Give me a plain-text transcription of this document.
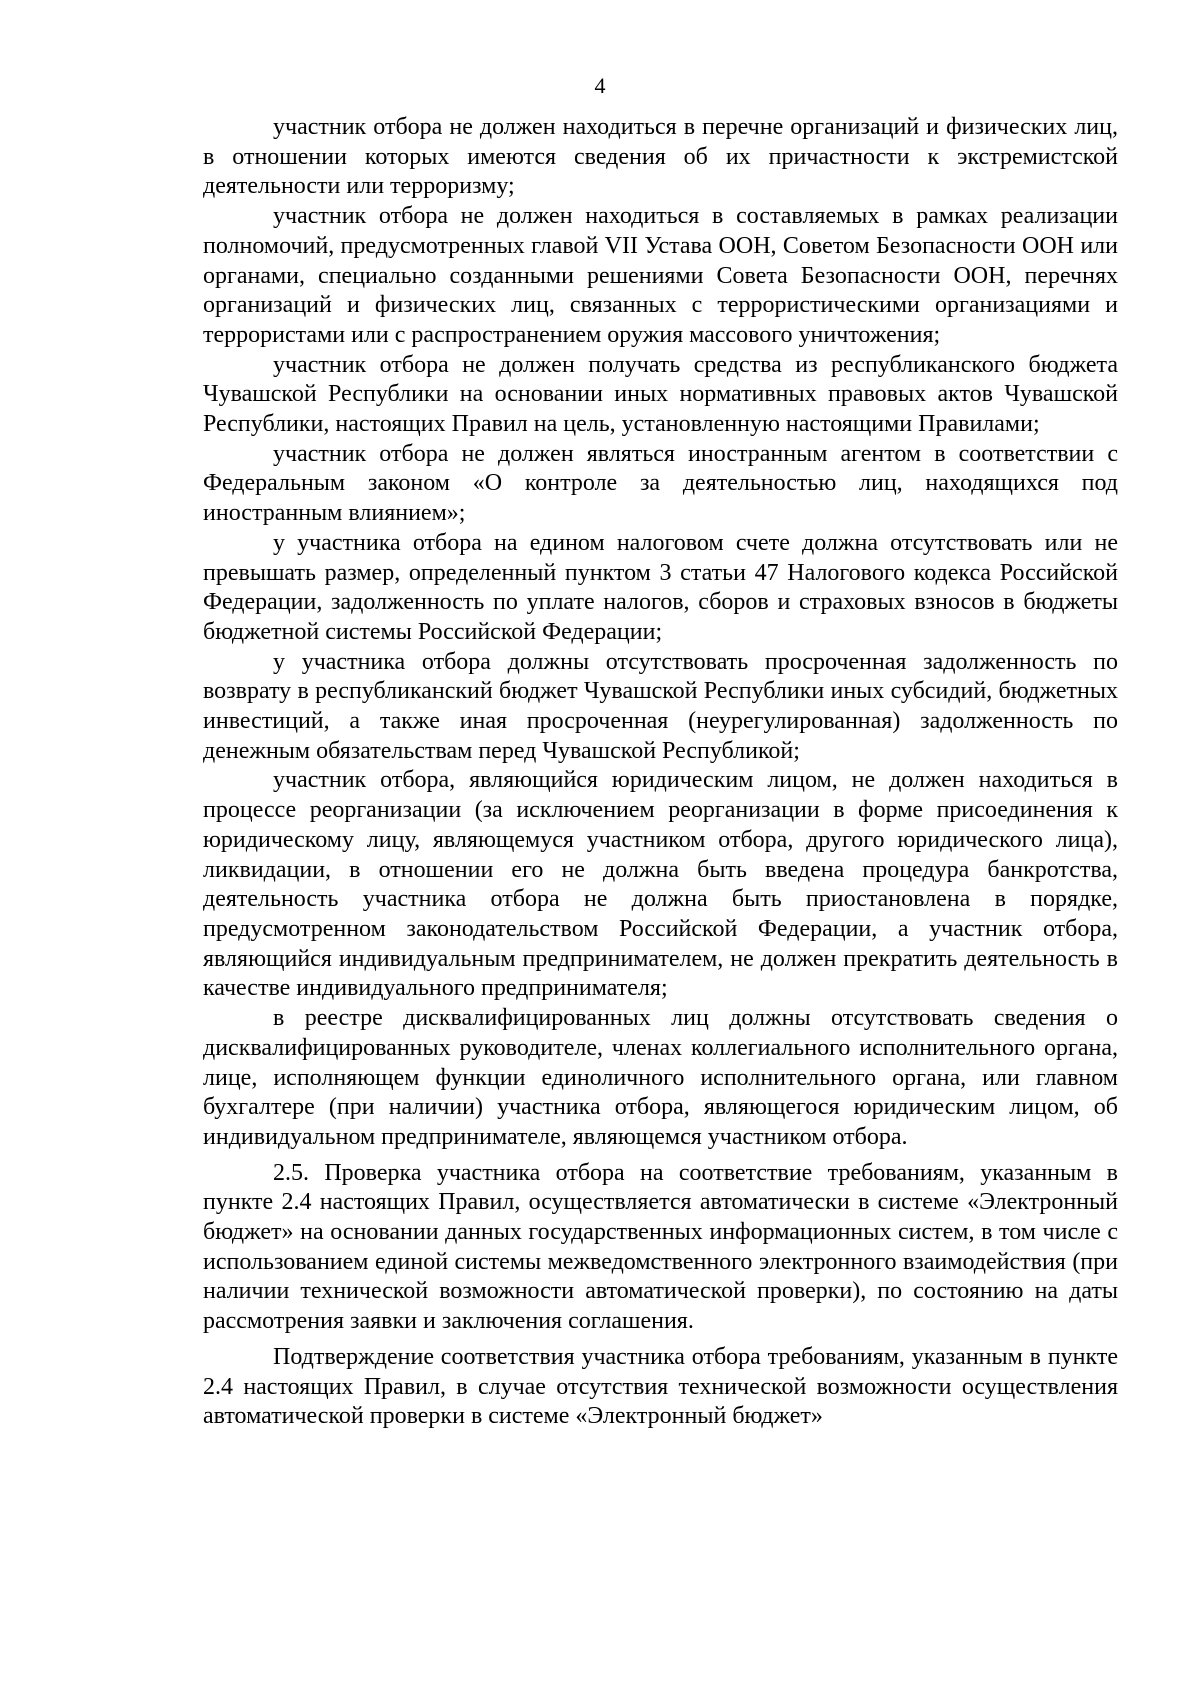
4

участник отбора не должен находиться в перечне организаций и физических лиц, в отношении которых имеются сведения об их причастности к экстремистской деятельности или терроризму;

участник отбора не должен находиться в составляемых в рамках реализации полномочий, предусмотренных главой VII Устава ООН, Советом Безопасности ООН или органами, специально созданными решениями Совета Безопасности ООН, перечнях организаций и физических лиц, связанных с террористическими организациями и террористами или с распространением оружия массового уничтожения;

участник отбора не должен получать средства из республиканского бюджета Чувашской Республики на основании иных нормативных правовых актов Чувашской Республики, настоящих Правил на цель, установленную настоящими Правилами;

участник отбора не должен являться иностранным агентом в соответствии с Федеральным законом «О контроле за деятельностью лиц, находящихся под иностранным влиянием»;

у участника отбора на едином налоговом счете должна отсутствовать или не превышать размер, определенный пунктом 3 статьи 47 Налогового кодекса Российской Федерации, задолженность по уплате налогов, сборов и страховых взносов в бюджеты бюджетной системы Российской Федерации;

у участника отбора должны отсутствовать просроченная задолженность по возврату в республиканский бюджет Чувашской Республики иных субсидий, бюджетных инвестиций, а также иная просроченная (неурегулированная) задолженность по денежным обязательствам перед Чувашской Республикой;

участник отбора, являющийся юридическим лицом, не должен находиться в процессе реорганизации (за исключением реорганизации в форме присоединения к юридическому лицу, являющемуся участником отбора, другого юридического лица), ликвидации, в отношении его не должна быть введена процедура банкротства, деятельность участника отбора не должна быть приостановлена в порядке, предусмотренном законодательством Российской Федерации, а участник отбора, являющийся индивидуальным предпринимателем, не должен прекратить деятельность в качестве индивидуального предпринимателя;

в реестре дисквалифицированных лиц должны отсутствовать сведения о дисквалифицированных руководителе, членах коллегиального исполнительного органа, лице, исполняющем функции единоличного исполнительного органа, или главном бухгалтере (при наличии) участника отбора, являющегося юридическим лицом, об индивидуальном предпринимателе, являющемся участником отбора.

2.5. Проверка участника отбора на соответствие требованиям, указанным в пункте 2.4 настоящих Правил, осуществляется автоматически в системе «Электронный бюджет» на основании данных государственных информационных систем, в том числе с использованием единой системы межведомственного электронного взаимодействия (при наличии технической возможности автоматической проверки), по состоянию на даты рассмотрения заявки и заключения соглашения.

Подтверждение соответствия участника отбора требованиям, указанным в пункте 2.4 настоящих Правил, в случае отсутствия технической возможности осуществления автоматической проверки в системе «Электронный бюджет»
